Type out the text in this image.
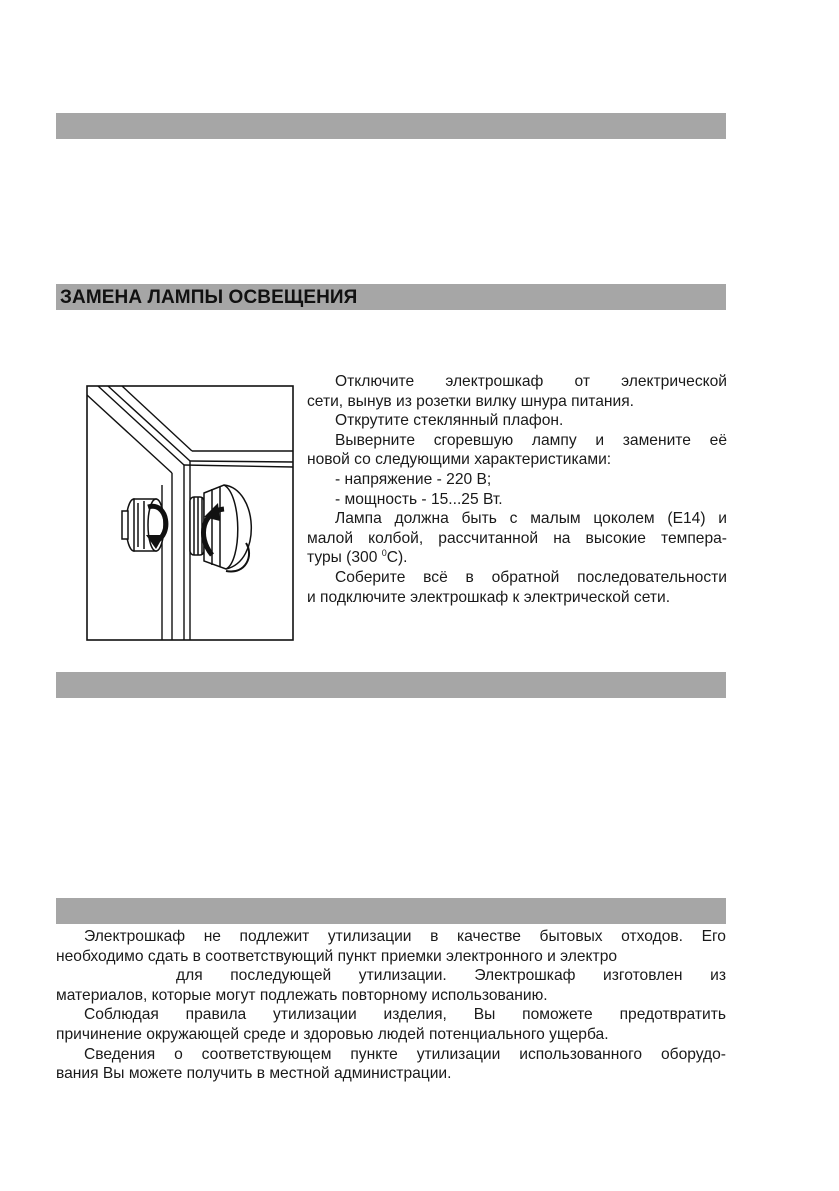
ЗАМЕНА ЛАМПЫ ОСВЕЩЕНИЯ
Отключите электрошкаф от электрической
сети, вынув из розетки вилку шнура питания.
Открутите стеклянный плафон.
Выверните сгоревшую лампу и замените её
новой со следующими характеристиками:
- напряжение - 220 В;
- мощность - 15...25 Вт.
Лампа должна быть с малым цоколем (Е14) и
малой колбой, рассчитанной на высокие темпера-
туры (300 $^0$С).
Соберите всё в обратной последовательности
и подключите электрошкаф к электрической сети.
Электрошкаф не подлежит утилизации в качестве бытовых отходов. Его
необходимо сдать в соответствующий пункт приемки электронного и электро
для последующей утилизации. Электрошкаф изготовлен из
материалов, которые могут подлежать повторному использованию.
Соблюдая правила утилизации изделия, Вы поможете предотвратить
причинение окружающей среде и здоровью людей потенциального ущерба.
Сведения о соответствующем пункте утилизации использованного оборудо-
вания Вы можете получить в местной администрации.
